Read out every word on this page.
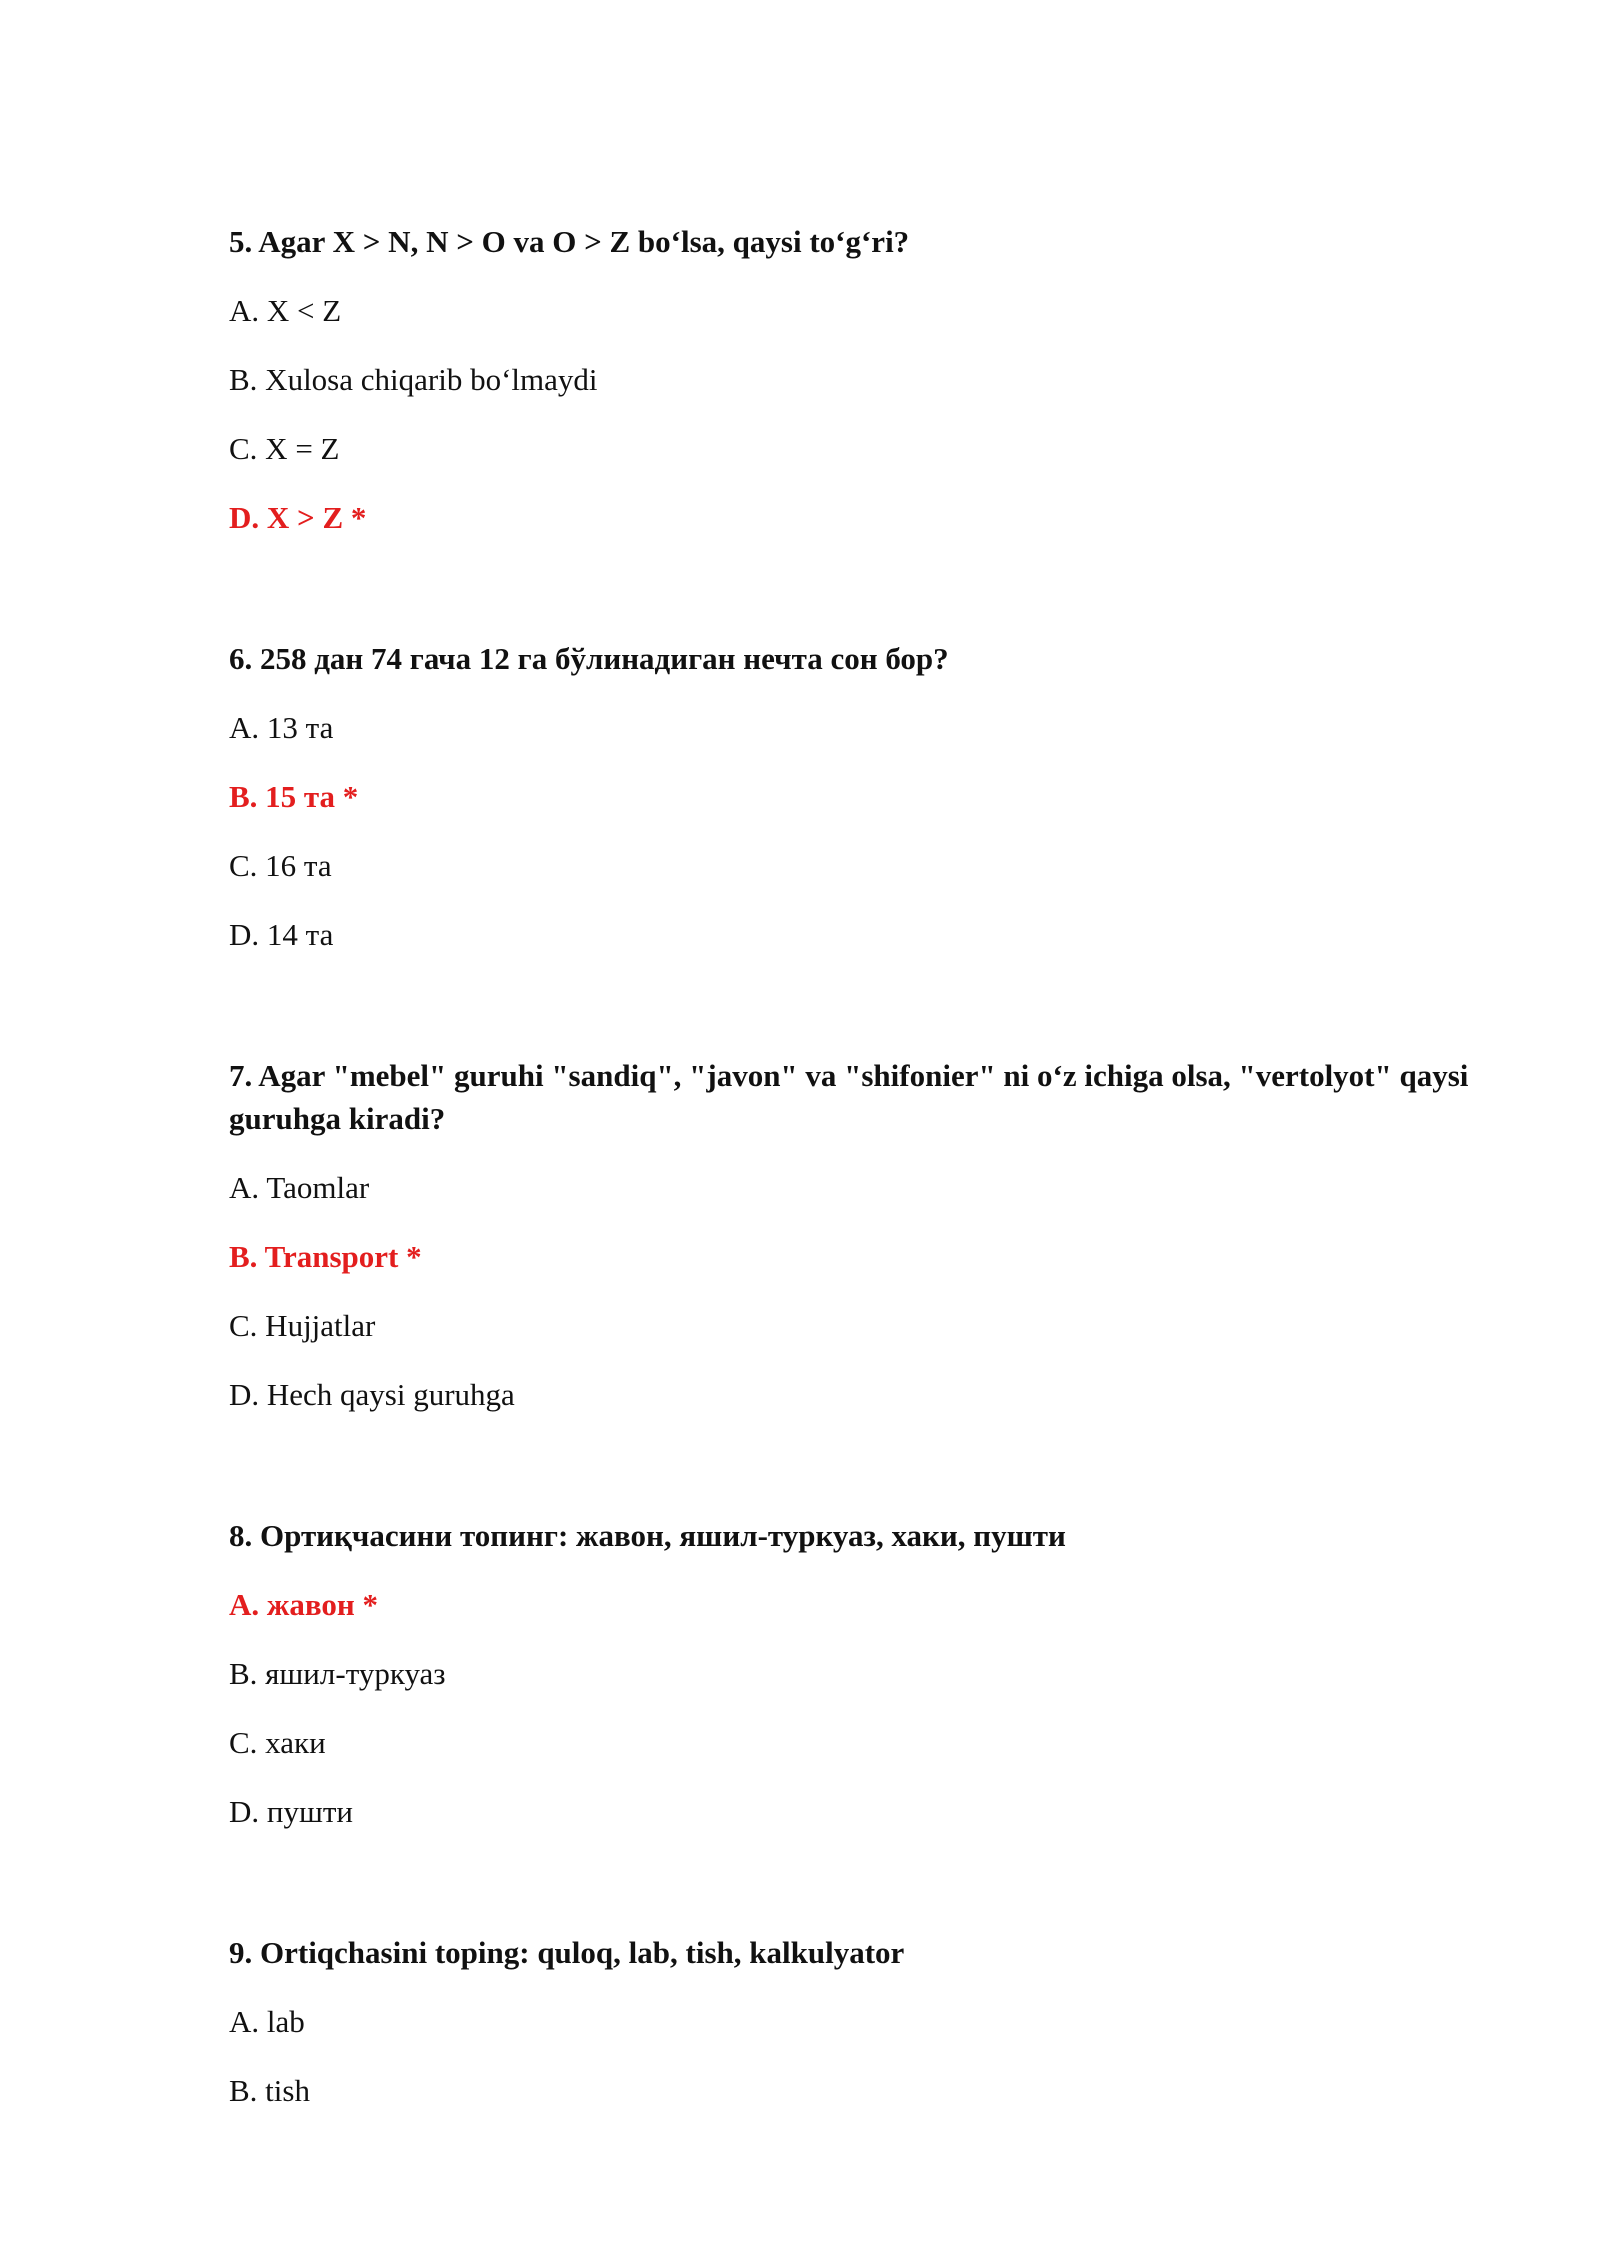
5. Agar X > N, N > O va O > Z bo‘lsa, qaysi to‘g‘ri?

A. X < Z

B. Xulosa chiqarib bo‘lmaydi

C. X = Z

D. X > Z *

6. 258 дан 74 гача 12 га бўлинадиган нечта сон бор?

A. 13 та

B. 15 та *

C. 16 та

D. 14 та

7. Agar "mebel" guruhi "sandiq", "javon" va "shifonier" ni o‘z ichiga olsa, "vertolyot" qaysi guruhga kiradi?

A. Taomlar

B. Transport *

C. Hujjatlar

D. Hech qaysi guruhga

8. Ортиқчасини топинг: жавон, яшил-туркуаз, хаки, пушти

A. жавон *

B. яшил-туркуаз

C. хаки

D. пушти

9. Ortiqchasini toping: quloq, lab, tish, kalkulyator

A. lab

B. tish
